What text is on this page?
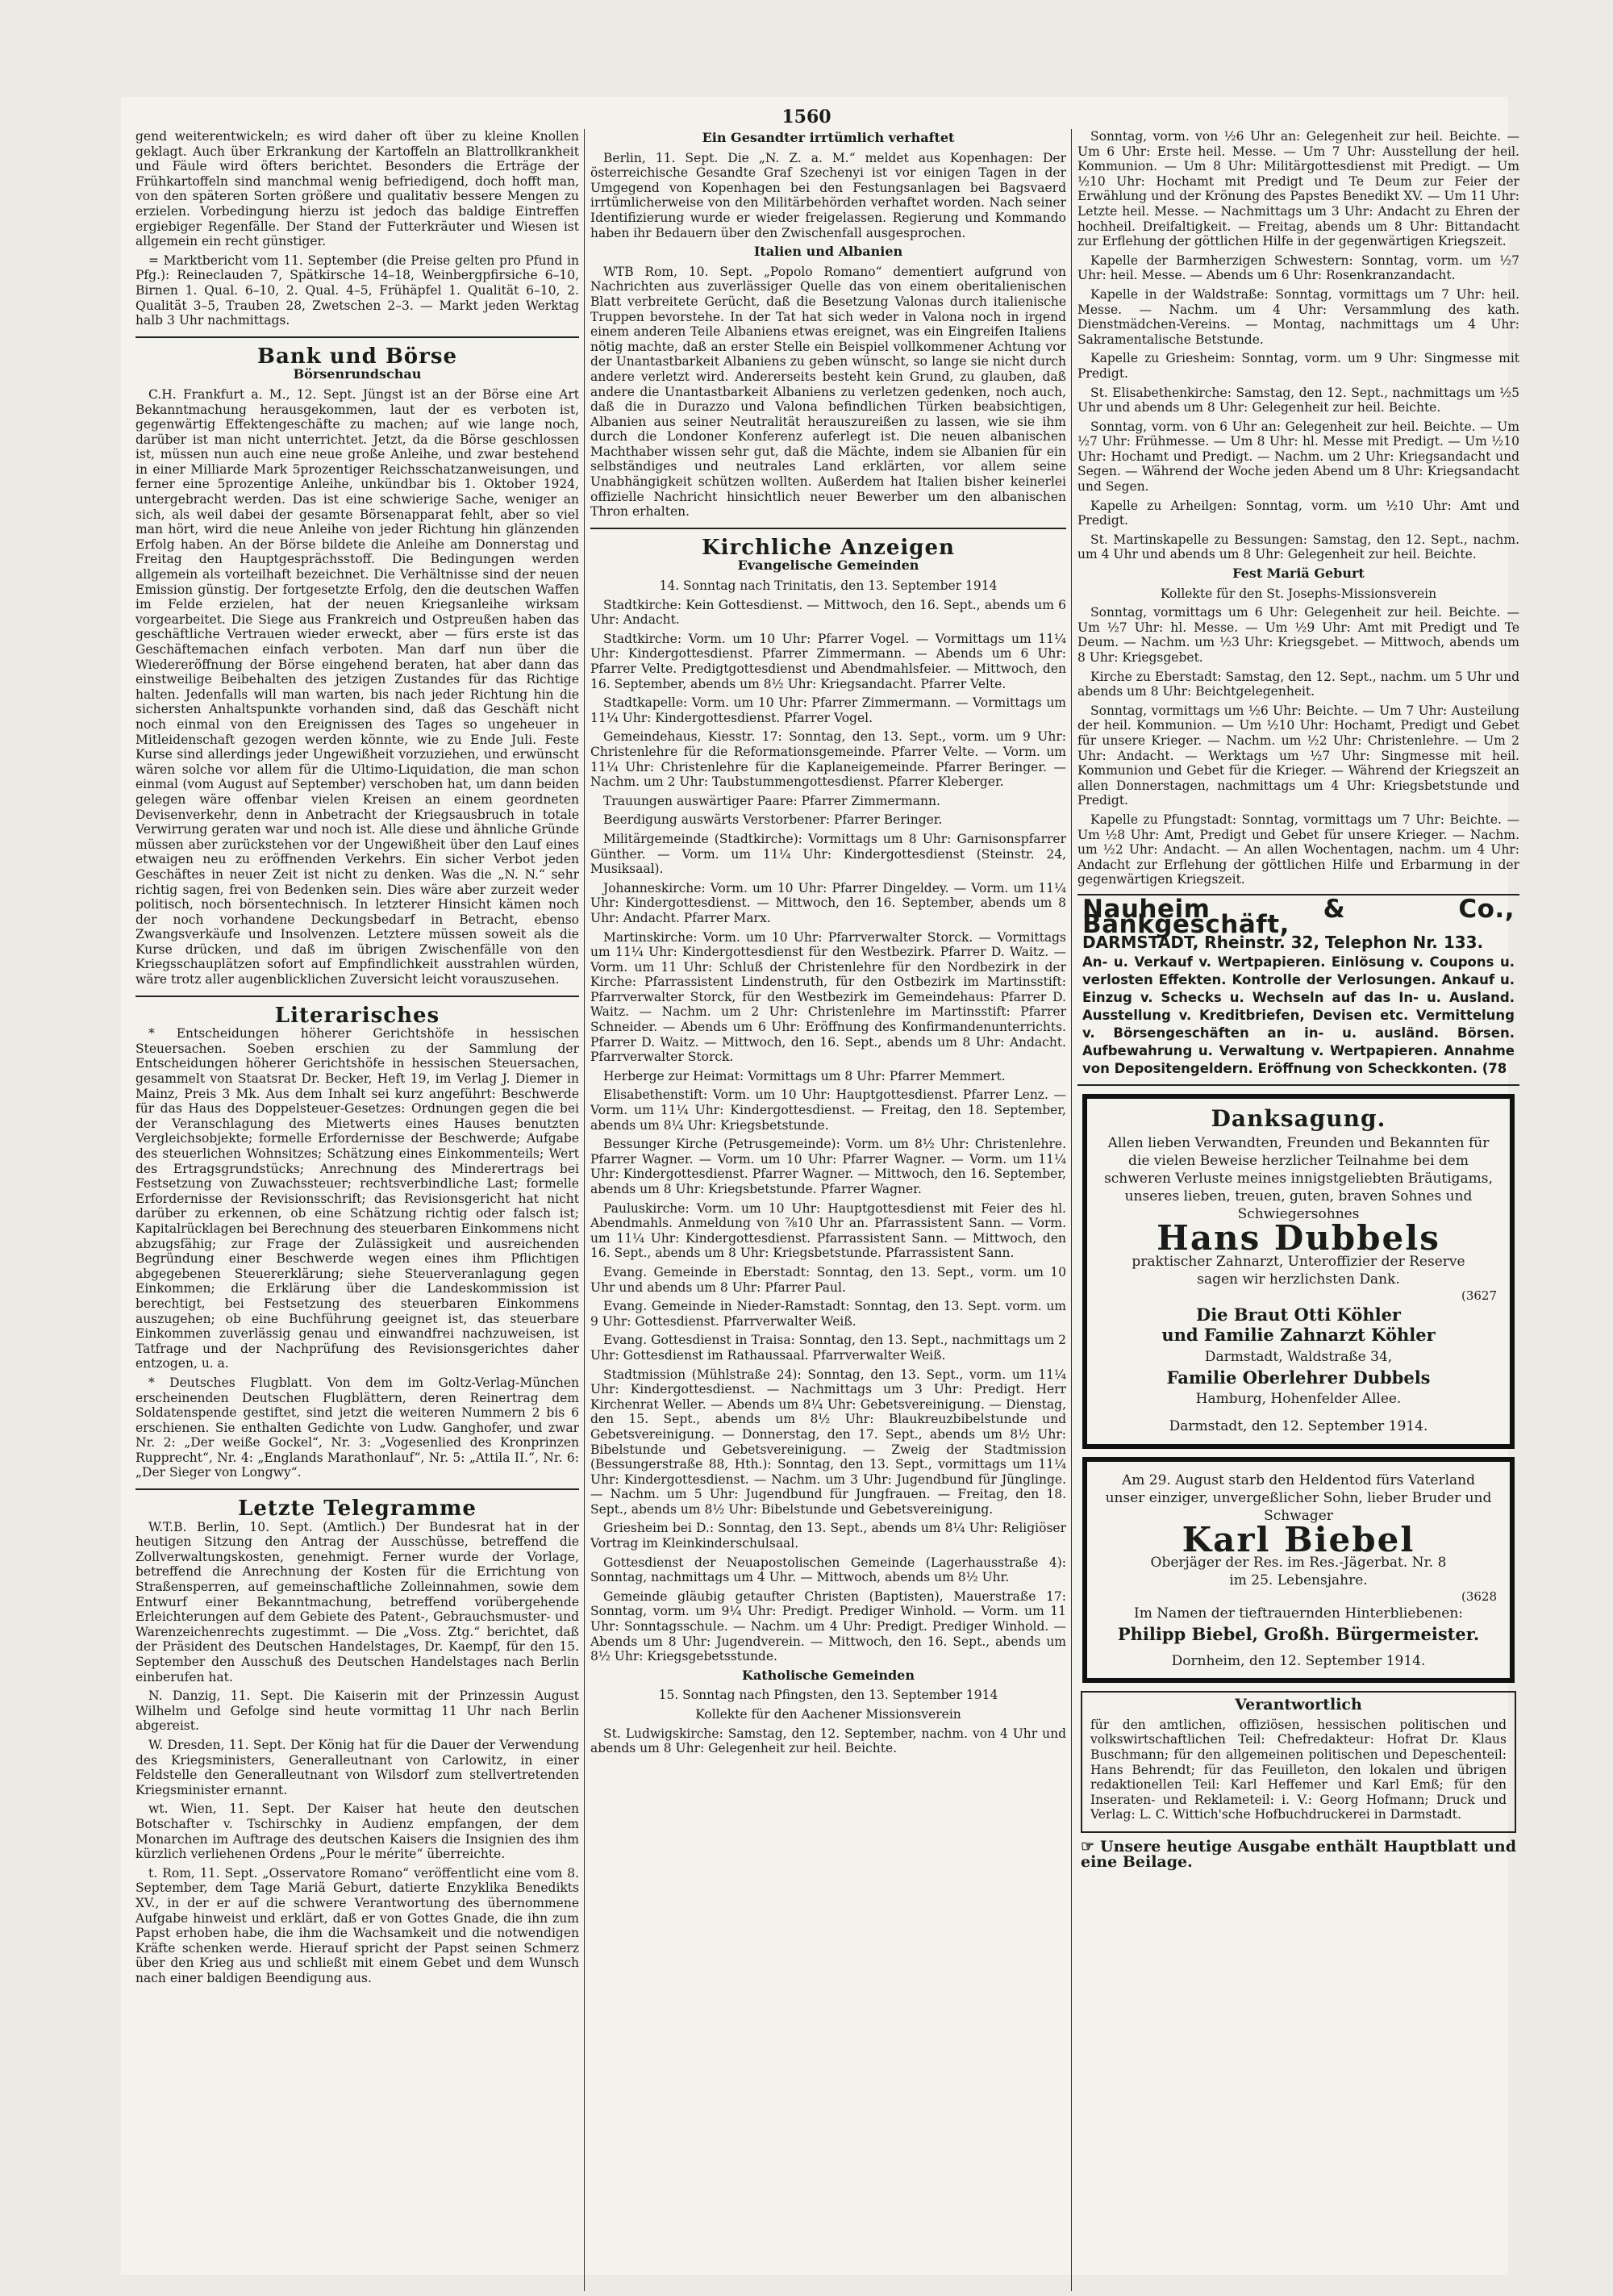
1560

gend weiterentwickeln; es wird daher oft über zu kleine Knollen geklagt. Auch über Erkrankung der Kartoffeln an Blattrollkrankheit und Fäule wird öfters berichtet. Besonders die Erträge der Frühkartoffeln sind manchmal wenig befriedigend, doch hofft man, von den späteren Sorten größere und qualitativ bessere Mengen zu erzielen. Vorbedingung hierzu ist jedoch das baldige Eintreffen ergiebiger Regenfälle. Der Stand der Futterkräuter und Wiesen ist allgemein ein recht günstiger.

= Marktbericht vom 11. September (die Preise gelten pro Pfund in Pfg.): Reineclauden 7, Spätkirsche 14–18, Weinbergpfirsiche 6–10, Birnen 1. Qual. 6–10, 2. Qual. 4–5, Frühäpfel 1. Qualität 6–10, 2. Qualität 3–5, Trauben 28, Zwetschen 2–3. — Markt jeden Werktag halb 3 Uhr nachmittags.

Bank und Börse
Börsenrundschau

C.H. Frankfurt a. M., 12. Sept. Jüngst ist an der Börse eine Art Bekanntmachung herausgekommen, laut der es verboten ist, gegenwärtig Effektengeschäfte zu machen; auf wie lange noch, darüber ist man nicht unterrichtet. Jetzt, da die Börse geschlossen ist, müssen nun auch eine neue große Anleihe, und zwar bestehend in einer Milliarde Mark 5prozentiger Reichsschatzanweisungen, und ferner eine 5prozentige Anleihe, unkündbar bis 1. Oktober 1924, untergebracht werden. Das ist eine schwierige Sache, weniger an sich, als weil dabei der gesamte Börsenapparat fehlt, aber so viel man hört, wird die neue Anleihe von jeder Richtung hin glänzenden Erfolg haben. An der Börse bildete die Anleihe am Donnerstag und Freitag den Hauptgesprächsstoff. Die Bedingungen werden allgemein als vorteilhaft bezeichnet. Die Verhältnisse sind der neuen Emission günstig. Der fortgesetzte Erfolg, den die deutschen Waffen im Felde erzielen, hat der neuen Kriegsanleihe wirksam vorgearbeitet. Die Siege aus Frankreich und Ostpreußen haben das geschäftliche Vertrauen wieder erweckt, aber — fürs erste ist das Geschäftemachen einfach verboten. Man darf nun über die Wiedereröffnung der Börse eingehend beraten, hat aber dann das einstweilige Beibehalten des jetzigen Zustandes für das Richtige halten. Jedenfalls will man warten, bis nach jeder Richtung hin die sichersten Anhaltspunkte vorhanden sind, daß das Geschäft nicht noch einmal von den Ereignissen des Tages so ungeheuer in Mitleidenschaft gezogen werden könnte, wie zu Ende Juli. Feste Kurse sind allerdings jeder Ungewißheit vorzuziehen, und erwünscht wären solche vor allem für die Ultimo-Liquidation, die man schon einmal (vom August auf September) verschoben hat, um dann beiden gelegen wäre offenbar vielen Kreisen an einem geordneten Devisenverkehr, denn in Anbetracht der Kriegsausbruch in totale Verwirrung geraten war und noch ist. Alle diese und ähnliche Gründe müssen aber zurückstehen vor der Ungewißheit über den Lauf eines etwaigen neu zu eröffnenden Verkehrs. Ein sicher Verbot jeden Geschäftes in neuer Zeit ist nicht zu denken. Was die „N. N.“ sehr richtig sagen, frei von Bedenken sein. Dies wäre aber zurzeit weder politisch, noch börsentechnisch. In letzterer Hinsicht kämen noch der noch vorhandene Deckungsbedarf in Betracht, ebenso Zwangsverkäufe und Insolvenzen. Letztere müssen soweit als die Kurse drücken, und daß im übrigen Zwischenfälle von den Kriegsschauplätzen sofort auf Empfindlichkeit ausstrahlen würden, wäre trotz aller augenblicklichen Zuversicht leicht vorauszusehen.

Literarisches

* Entscheidungen höherer Gerichtshöfe in hessischen Steuersachen. Soeben erschien zu der Sammlung der Entscheidungen höherer Gerichtshöfe in hessischen Steuersachen, gesammelt von Staatsrat Dr. Becker, Heft 19, im Verlag J. Diemer in Mainz, Preis 3 Mk. Aus dem Inhalt sei kurz angeführt: Beschwerde für das Haus des Doppelsteuer-Gesetzes: Ordnungen gegen die bei der Veranschlagung des Mietwerts eines Hauses benutzten Vergleichsobjekte; formelle Erfordernisse der Beschwerde; Aufgabe des steuerlichen Wohnsitzes; Schätzung eines Einkommenteils; Wert des Ertragsgrundstücks; Anrechnung des Minderertrags bei Festsetzung von Zuwachssteuer; rechtsverbindliche Last; formelle Erfordernisse der Revisionsschrift; das Revisionsgericht hat nicht darüber zu erkennen, ob eine Schätzung richtig oder falsch ist; Kapitalrücklagen bei Berechnung des steuerbaren Einkommens nicht abzugsfähig; zur Frage der Zulässigkeit und ausreichenden Begründung einer Beschwerde wegen eines ihm Pflichtigen abgegebenen Steuererklärung; siehe Steuerveranlagung gegen Einkommen; die Erklärung über die Landeskommission ist berechtigt, bei Festsetzung des steuerbaren Einkommens auszugehen; ob eine Buchführung geeignet ist, das steuerbare Einkommen zuverlässig genau und einwandfrei nachzuweisen, ist Tatfrage und der Nachprüfung des Revisionsgerichtes daher entzogen, u. a.

* Deutsches Flugblatt. Von dem im Goltz-Verlag-München erscheinenden Deutschen Flugblättern, deren Reinertrag dem Soldatenspende gestiftet, sind jetzt die weiteren Nummern 2 bis 6 erschienen. Sie enthalten Gedichte von Ludw. Ganghofer, und zwar Nr. 2: „Der weiße Gockel“, Nr. 3: „Vogesenlied des Kronprinzen Rupprecht“, Nr. 4: „Englands Marathonlauf“, Nr. 5: „Attila II.“, Nr. 6: „Der Sieger von Longwy“.

Letzte Telegramme

W.T.B. Berlin, 10. Sept. (Amtlich.) Der Bundesrat hat in der heutigen Sitzung den Antrag der Ausschüsse, betreffend die Zollverwaltungskosten, genehmigt. Ferner wurde der Vorlage, betreffend die Anrechnung der Kosten für die Errichtung von Straßensperren, auf gemeinschaftliche Zolleinnahmen, sowie dem Entwurf einer Bekanntmachung, betreffend vorübergehende Erleichterungen auf dem Gebiete des Patent-, Gebrauchsmuster- und Warenzeichenrechts zugestimmt. — Die „Voss. Ztg.“ berichtet, daß der Präsident des Deutschen Handelstages, Dr. Kaempf, für den 15. September den Ausschuß des Deutschen Handelstages nach Berlin einberufen hat.

N. Danzig, 11. Sept. Die Kaiserin mit der Prinzessin August Wilhelm und Gefolge sind heute vormittag 11 Uhr nach Berlin abgereist.

W. Dresden, 11. Sept. Der König hat für die Dauer der Verwendung des Kriegsministers, Generalleutnant von Carlowitz, in einer Feldstelle den Generalleutnant von Wilsdorf zum stellvertretenden Kriegsminister ernannt.

wt. Wien, 11. Sept. Der Kaiser hat heute den deutschen Botschafter v. Tschirschky in Audienz empfangen, der dem Monarchen im Auftrage des deutschen Kaisers die Insignien des ihm kürzlich verliehenen Ordens „Pour le mérite“ überreichte.

t. Rom, 11. Sept. „Osservatore Romano“ veröffentlicht eine vom 8. September, dem Tage Mariä Geburt, datierte Enzyklika Benedikts XV., in der er auf die schwere Verantwortung des übernommene Aufgabe hinweist und erklärt, daß er von Gottes Gnade, die ihn zum Papst erhoben habe, die ihm die Wachsamkeit und die notwendigen Kräfte schenken werde. Hierauf spricht der Papst seinen Schmerz über den Krieg aus und schließt mit einem Gebet und dem Wunsch nach einer baldigen Beendigung aus.

Ein Gesandter irrtümlich verhaftet

Berlin, 11. Sept. Die „N. Z. a. M.“ meldet aus Kopenhagen: Der österreichische Gesandte Graf Szechenyi ist vor einigen Tagen in der Umgegend von Kopenhagen bei den Festungsanlagen bei Bagsvaerd irrtümlicherweise von den Militärbehörden verhaftet worden. Nach seiner Identifizierung wurde er wieder freigelassen. Regierung und Kommando haben ihr Bedauern über den Zwischenfall ausgesprochen.

Italien und Albanien

WTB Rom, 10. Sept. „Popolo Romano“ dementiert aufgrund von Nachrichten aus zuverlässiger Quelle das von einem oberitalienischen Blatt verbreitete Gerücht, daß die Besetzung Valonas durch italienische Truppen bevorstehe. In der Tat hat sich weder in Valona noch in irgend einem anderen Teile Albaniens etwas ereignet, was ein Eingreifen Italiens nötig machte, daß an erster Stelle ein Beispiel vollkommener Achtung vor der Unantastbarkeit Albaniens zu geben wünscht, so lange sie nicht durch andere verletzt wird. Andererseits besteht kein Grund, zu glauben, daß andere die Unantastbarkeit Albaniens zu verletzen gedenken, noch auch, daß die in Durazzo und Valona befindlichen Türken beabsichtigen, Albanien aus seiner Neutralität herauszureißen zu lassen, wie sie ihm durch die Londoner Konferenz auferlegt ist. Die neuen albanischen Machthaber wissen sehr gut, daß die Mächte, indem sie Albanien für ein selbständiges und neutrales Land erklärten, vor allem seine Unabhängigkeit schützen wollten. Außerdem hat Italien bisher keinerlei offizielle Nachricht hinsichtlich neuer Bewerber um den albanischen Thron erhalten.

Kirchliche Anzeigen
Evangelische Gemeinden

14. Sonntag nach Trinitatis, den 13. September 1914

Stadtkirche: Kein Gottesdienst. — Mittwoch, den 16. Sept., abends um 6 Uhr: Andacht.

Stadtkirche: Vorm. um 10 Uhr: Pfarrer Vogel. — Vormittags um 11¼ Uhr: Kindergottesdienst. Pfarrer Zimmermann. — Abends um 6 Uhr: Pfarrer Velte. Predigtgottesdienst und Abendmahlsfeier. — Mittwoch, den 16. September, abends um 8½ Uhr: Kriegsandacht. Pfarrer Velte.

Stadtkapelle: Vorm. um 10 Uhr: Pfarrer Zimmermann. — Vormittags um 11¼ Uhr: Kindergottesdienst. Pfarrer Vogel.

Gemeindehaus, Kiesstr. 17: Sonntag, den 13. Sept., vorm. um 9 Uhr: Christenlehre für die Reformationsgemeinde. Pfarrer Velte. — Vorm. um 11¼ Uhr: Christenlehre für die Kaplaneigemeinde. Pfarrer Beringer. — Nachm. um 2 Uhr: Taubstummengottesdienst. Pfarrer Kleberger.

Trauungen auswärtiger Paare: Pfarrer Zimmermann.

Beerdigung auswärts Verstorbener: Pfarrer Beringer.

Militärgemeinde (Stadtkirche): Vormittags um 8 Uhr: Garnisonspfarrer Günther. — Vorm. um 11¼ Uhr: Kindergottesdienst (Steinstr. 24, Musiksaal).

Johanneskirche: Vorm. um 10 Uhr: Pfarrer Dingeldey. — Vorm. um 11¼ Uhr: Kindergottesdienst. — Mittwoch, den 16. September, abends um 8 Uhr: Andacht. Pfarrer Marx.

Martinskirche: Vorm. um 10 Uhr: Pfarrverwalter Storck. — Vormittags um 11¼ Uhr: Kindergottesdienst für den Westbezirk. Pfarrer D. Waitz. — Vorm. um 11 Uhr: Schluß der Christenlehre für den Nordbezirk in der Kirche: Pfarrassistent Lindenstruth, für den Ostbezirk im Martinsstift: Pfarrverwalter Storck, für den Westbezirk im Gemeindehaus: Pfarrer D. Waitz. — Nachm. um 2 Uhr: Christenlehre im Martinsstift: Pfarrer Schneider. — Abends um 6 Uhr: Eröffnung des Konfirmandenunterrichts. Pfarrer D. Waitz. — Mittwoch, den 16. Sept., abends um 8 Uhr: Andacht. Pfarrverwalter Storck.

Herberge zur Heimat: Vormittags um 8 Uhr: Pfarrer Memmert.

Elisabethenstift: Vorm. um 10 Uhr: Hauptgottesdienst. Pfarrer Lenz. — Vorm. um 11¼ Uhr: Kindergottesdienst. — Freitag, den 18. September, abends um 8¼ Uhr: Kriegsbetstunde.

Bessunger Kirche (Petrusgemeinde): Vorm. um 8½ Uhr: Christenlehre. Pfarrer Wagner. — Vorm. um 10 Uhr: Pfarrer Wagner. — Vorm. um 11¼ Uhr: Kindergottesdienst. Pfarrer Wagner. — Mittwoch, den 16. September, abends um 8 Uhr: Kriegsbetstunde. Pfarrer Wagner.

Pauluskirche: Vorm. um 10 Uhr: Hauptgottesdienst mit Feier des hl. Abendmahls. Anmeldung von ⅞10 Uhr an. Pfarrassistent Sann. — Vorm. um 11¼ Uhr: Kindergottesdienst. Pfarrassistent Sann. — Mittwoch, den 16. Sept., abends um 8 Uhr: Kriegsbetstunde. Pfarrassistent Sann.

Evang. Gemeinde in Eberstadt: Sonntag, den 13. Sept., vorm. um 10 Uhr und abends um 8 Uhr: Pfarrer Paul.

Evang. Gemeinde in Nieder-Ramstadt: Sonntag, den 13. Sept. vorm. um 9 Uhr: Gottesdienst. Pfarrverwalter Weiß.

Evang. Gottesdienst in Traisa: Sonntag, den 13. Sept., nachmittags um 2 Uhr: Gottesdienst im Rathaussaal. Pfarrverwalter Weiß.

Stadtmission (Mühlstraße 24): Sonntag, den 13. Sept., vorm. um 11¼ Uhr: Kindergottesdienst. — Nachmittags um 3 Uhr: Predigt. Herr Kirchenrat Weller. — Abends um 8¼ Uhr: Gebetsvereinigung. — Dienstag, den 15. Sept., abends um 8½ Uhr: Blaukreuzbibelstunde und Gebetsvereinigung. — Donnerstag, den 17. Sept., abends um 8½ Uhr: Bibelstunde und Gebetsvereinigung. — Zweig der Stadtmission (Bessungerstraße 88, Hth.): Sonntag, den 13. Sept., vormittags um 11¼ Uhr: Kindergottesdienst. — Nachm. um 3 Uhr: Jugendbund für Jünglinge. — Nachm. um 5 Uhr: Jugendbund für Jungfrauen. — Freitag, den 18. Sept., abends um 8½ Uhr: Bibelstunde und Gebetsvereinigung.

Griesheim bei D.: Sonntag, den 13. Sept., abends um 8¼ Uhr: Religiöser Vortrag im Kleinkinderschulsaal.

Gottesdienst der Neuapostolischen Gemeinde (Lagerhausstraße 4): Sonntag, nachmittags um 4 Uhr. — Mittwoch, abends um 8½ Uhr.

Gemeinde gläubig getaufter Christen (Baptisten), Mauerstraße 17: Sonntag, vorm. um 9¼ Uhr: Predigt. Prediger Winhold. — Vorm. um 11 Uhr: Sonntagsschule. — Nachm. um 4 Uhr: Predigt. Prediger Winhold. — Abends um 8 Uhr: Jugendverein. — Mittwoch, den 16. Sept., abends um 8½ Uhr: Kriegsgebetsstunde.

Katholische Gemeinden

15. Sonntag nach Pfingsten, den 13. September 1914

Kollekte für den Aachener Missionsverein

St. Ludwigskirche: Samstag, den 12. September, nachm. von 4 Uhr und abends um 8 Uhr: Gelegenheit zur heil. Beichte.

Sonntag, vorm. von ½6 Uhr an: Gelegenheit zur heil. Beichte. — Um 6 Uhr: Erste heil. Messe. — Um 7 Uhr: Ausstellung der heil. Kommunion. — Um 8 Uhr: Militärgottesdienst mit Predigt. — Um ½10 Uhr: Hochamt mit Predigt und Te Deum zur Feier der Erwählung und der Krönung des Papstes Benedikt XV. — Um 11 Uhr: Letzte heil. Messe. — Nachmittags um 3 Uhr: Andacht zu Ehren der hochheil. Dreifaltigkeit. — Freitag, abends um 8 Uhr: Bittandacht zur Erflehung der göttlichen Hilfe in der gegenwärtigen Kriegszeit.

Kapelle der Barmherzigen Schwestern: Sonntag, vorm. um ½7 Uhr: heil. Messe. — Abends um 6 Uhr: Rosenkranzandacht.

Kapelle in der Waldstraße: Sonntag, vormittags um 7 Uhr: heil. Messe. — Nachm. um 4 Uhr: Versammlung des kath. Dienstmädchen-Vereins. — Montag, nachmittags um 4 Uhr: Sakramentalische Betstunde.

Kapelle zu Griesheim: Sonntag, vorm. um 9 Uhr: Singmesse mit Predigt.

St. Elisabethenkirche: Samstag, den 12. Sept., nachmittags um ½5 Uhr und abends um 8 Uhr: Gelegenheit zur heil. Beichte.

Sonntag, vorm. von 6 Uhr an: Gelegenheit zur heil. Beichte. — Um ½7 Uhr: Frühmesse. — Um 8 Uhr: hl. Messe mit Predigt. — Um ½10 Uhr: Hochamt und Predigt. — Nachm. um 2 Uhr: Kriegsandacht und Segen. — Während der Woche jeden Abend um 8 Uhr: Kriegsandacht und Segen.

Kapelle zu Arheilgen: Sonntag, vorm. um ½10 Uhr: Amt und Predigt.

St. Martinskapelle zu Bessungen: Samstag, den 12. Sept., nachm. um 4 Uhr und abends um 8 Uhr: Gelegenheit zur heil. Beichte.

Fest Mariä Geburt

Kollekte für den St. Josephs-Missionsverein

Sonntag, vormittags um 6 Uhr: Gelegenheit zur heil. Beichte. — Um ½7 Uhr: hl. Messe. — Um ½9 Uhr: Amt mit Predigt und Te Deum. — Nachm. um ½3 Uhr: Kriegsgebet. — Mittwoch, abends um 8 Uhr: Kriegsgebet.

Kirche zu Eberstadt: Samstag, den 12. Sept., nachm. um 5 Uhr und abends um 8 Uhr: Beichtgelegenheit.

Sonntag, vormittags um ½6 Uhr: Beichte. — Um 7 Uhr: Austeilung der heil. Kommunion. — Um ½10 Uhr: Hochamt, Predigt und Gebet für unsere Krieger. — Nachm. um ½2 Uhr: Christenlehre. — Um 2 Uhr: Andacht. — Werktags um ½7 Uhr: Singmesse mit heil. Kommunion und Gebet für die Krieger. — Während der Kriegszeit an allen Donnerstagen, nachmittags um 4 Uhr: Kriegsbetstunde und Predigt.

Kapelle zu Pfungstadt: Sonntag, vormittags um 7 Uhr: Beichte. — Um ½8 Uhr: Amt, Predigt und Gebet für unsere Krieger. — Nachm. um ½2 Uhr: Andacht. — An allen Wochentagen, nachm. um 4 Uhr: Andacht zur Erflehung der göttlichen Hilfe und Erbarmung in der gegenwärtigen Kriegszeit.

Nauheim & Co., Bankgeschäft,
DARMSTADT, Rheinstr. 32, Telephon Nr. 133.
An- u. Verkauf v. Wertpapieren. Einlösung v. Coupons u. verlosten Effekten. Kontrolle der Verlosungen. Ankauf u. Einzug v. Schecks u. Wechseln auf das In- u. Ausland. Ausstellung v. Kreditbriefen, Devisen etc. Vermittelung v. Börsengeschäften an in- u. ausländ. Börsen. Aufbewahrung u. Verwaltung v. Wertpapieren. Annahme von Depositengeldern. Eröffnung von Scheckkonten. (78
Danksagung.
Allen lieben Verwandten, Freunden und Bekannten für die vielen Beweise herzlicher Teilnahme bei dem schweren Verluste meines innigstgeliebten Bräutigams, unseres lieben, treuen, guten, braven Sohnes und Schwiegersohnes
Hans Dubbels
praktischer Zahnarzt, Unteroffizier der Reserve
sagen wir herzlichsten Dank.
(3627
Die Braut Otti Köhler
und Familie Zahnarzt Köhler
Darmstadt, Waldstraße 34,
Familie Oberlehrer Dubbels
Hamburg, Hohenfelder Allee.
Darmstadt, den 12. September 1914.
Am 29. August starb den Heldentod fürs Vaterland unser einziger, unvergeßlicher Sohn, lieber Bruder und Schwager
Karl Biebel
Oberjäger der Res. im Res.-Jägerbat. Nr. 8
im 25. Lebensjahre.
(3628
Im Namen der tieftrauernden Hinterbliebenen:
Philipp Biebel, Großh. Bürgermeister.
Dornheim, den 12. September 1914.
Verantwortlich
für den amtlichen, offiziösen, hessischen politischen und volkswirtschaftlichen Teil: Chefredakteur: Hofrat Dr. Klaus Buschmann; für den allgemeinen politischen und Depeschenteil: Hans Behrendt; für das Feuilleton, den lokalen und übrigen redaktionellen Teil: Karl Heffemer und Karl Emß; für den Inseraten- und Reklameteil: i. V.: Georg Hofmann; Druck und Verlag: L. C. Wittich'sche Hofbuchdruckerei in Darmstadt.
☞ Unsere heutige Ausgabe enthält Hauptblatt und eine Beilage.
